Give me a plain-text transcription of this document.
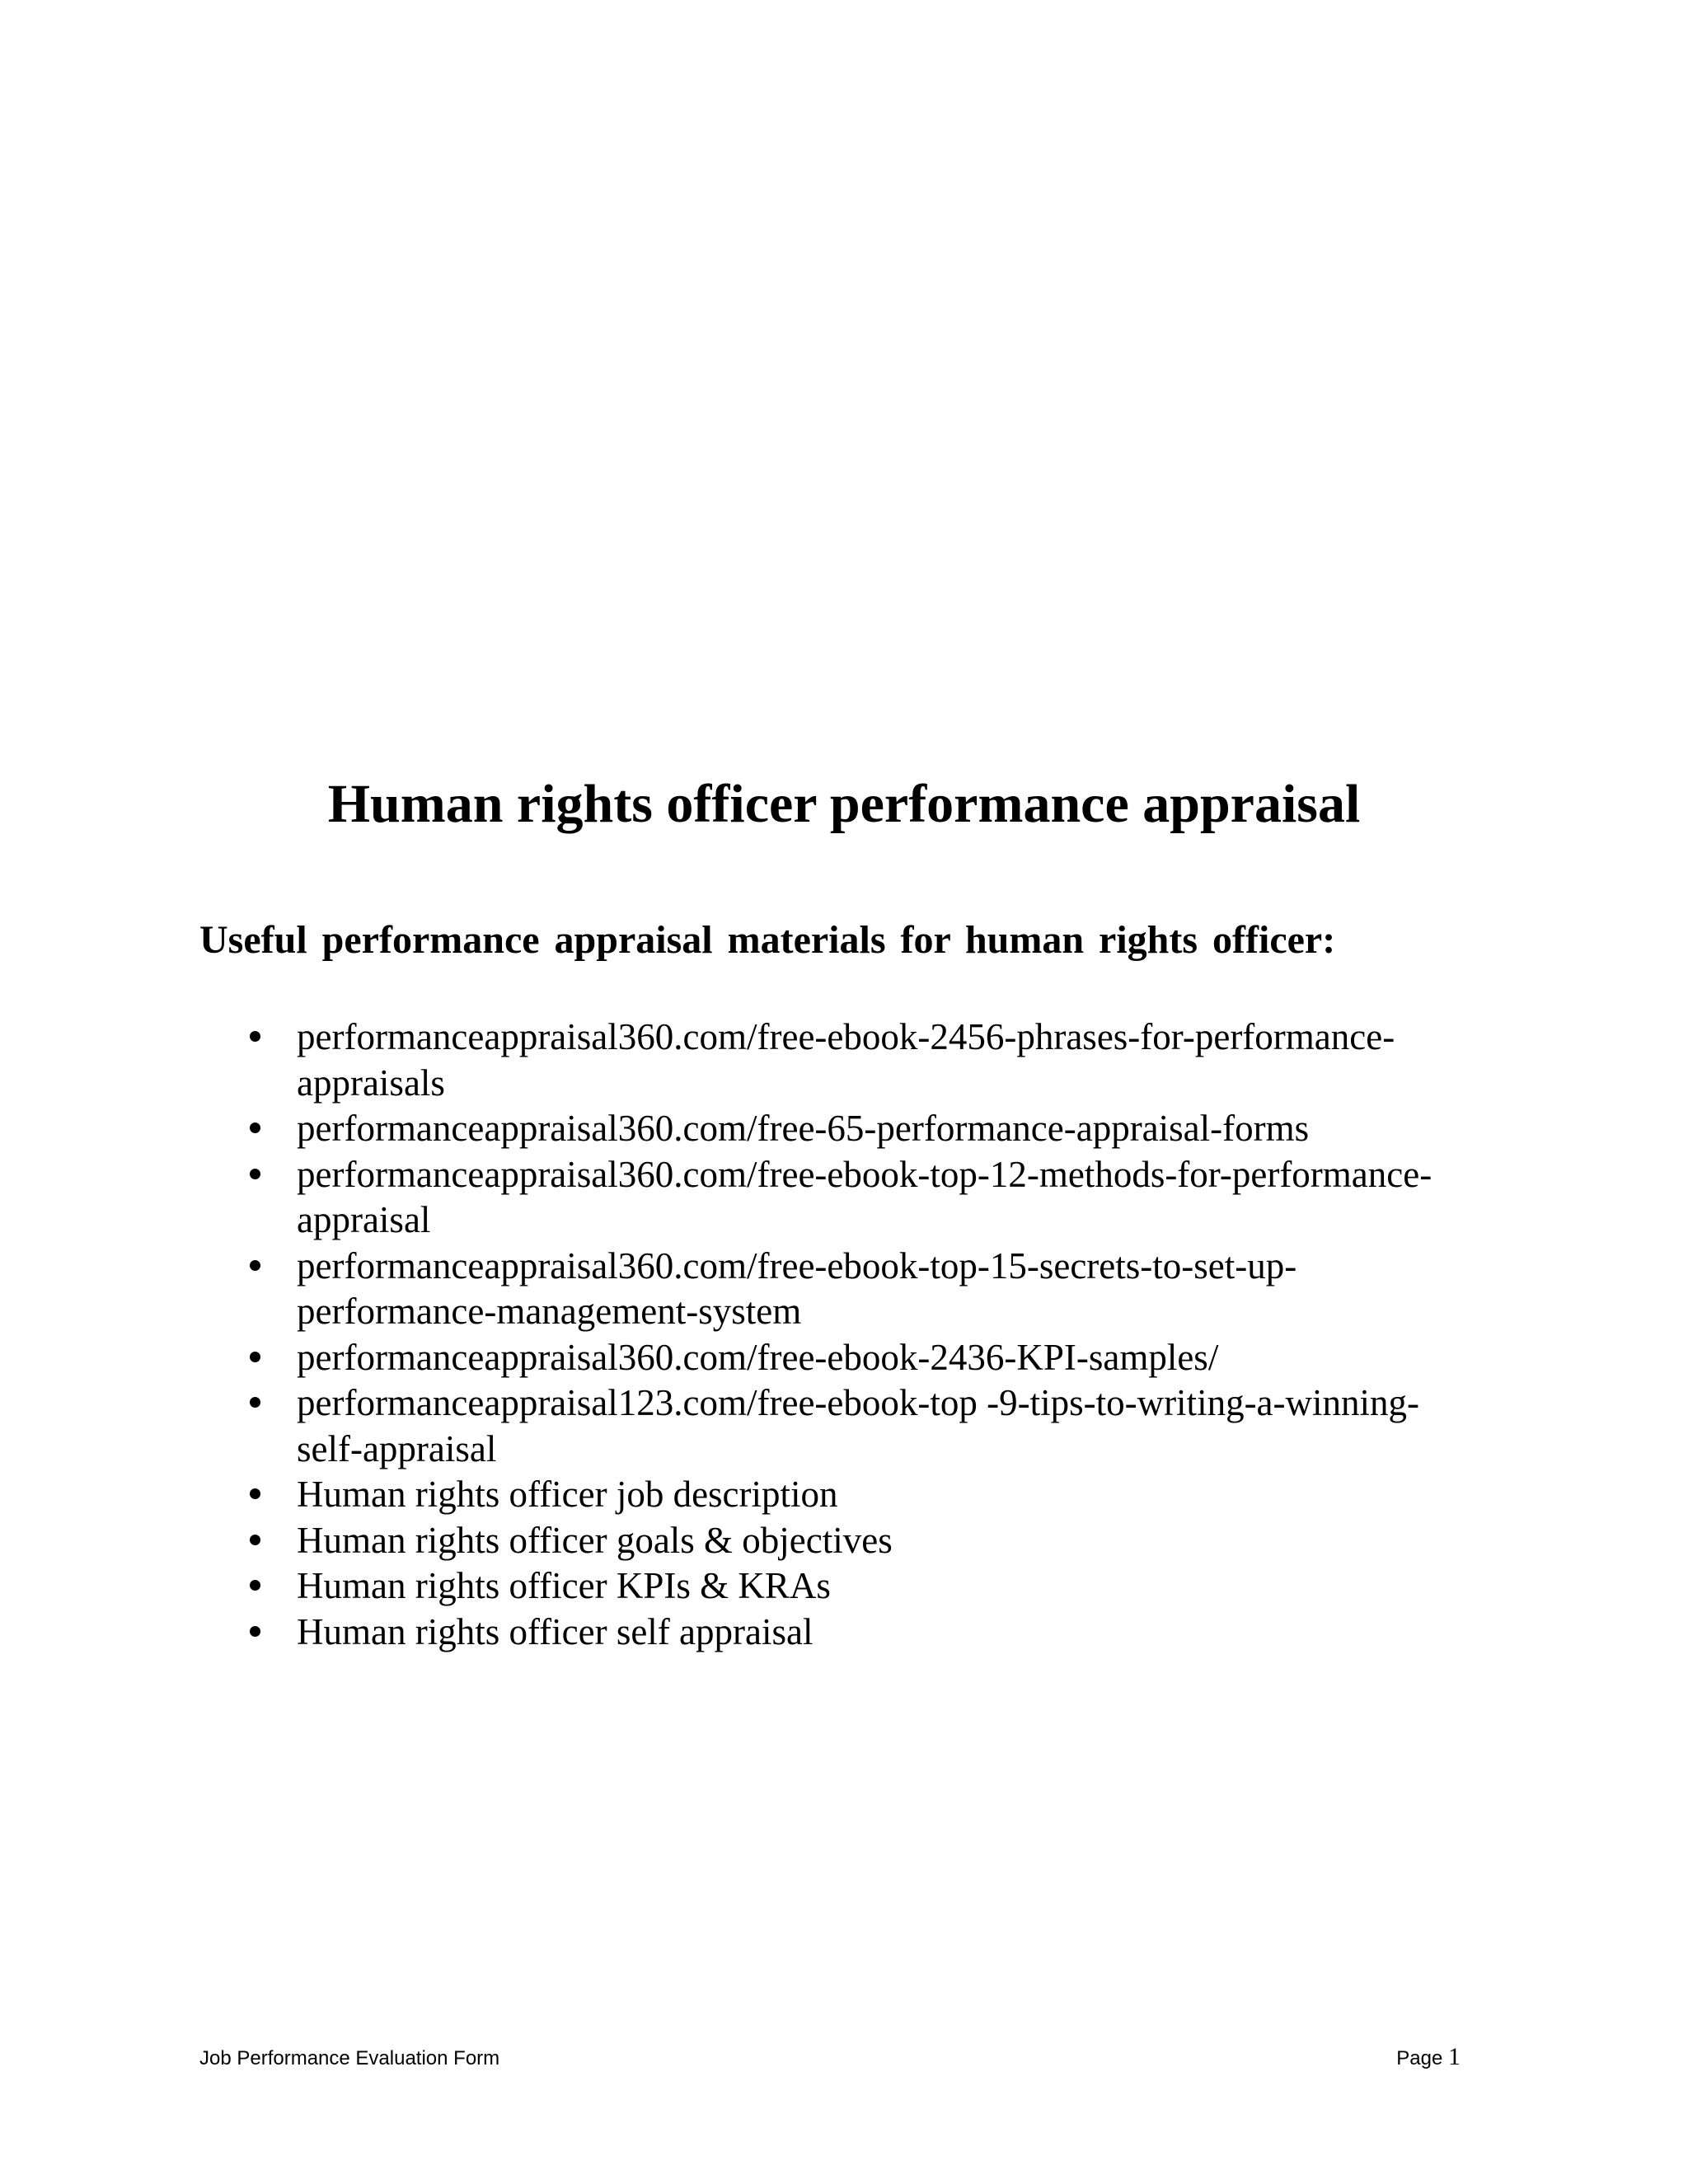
Human rights officer performance appraisal
Useful performance appraisal materials for human rights officer:
performanceappraisal360.com/free-ebook-2456-phrases-for-performance-
appraisals
performanceappraisal360.com/free-65-performance-appraisal-forms
performanceappraisal360.com/free-ebook-top-12-methods-for-performance-
appraisal
performanceappraisal360.com/free-ebook-top-15-secrets-to-set-up-
performance-management-system
performanceappraisal360.com/free-ebook-2436-KPI-samples/
performanceappraisal123.com/free-ebook-top -9-tips-to-writing-a-winning-
self-appraisal
Human rights officer job description
Human rights officer goals & objectives
Human rights officer KPIs & KRAs
Human rights officer self appraisal
Job Performance Evaluation Form	Page 1
